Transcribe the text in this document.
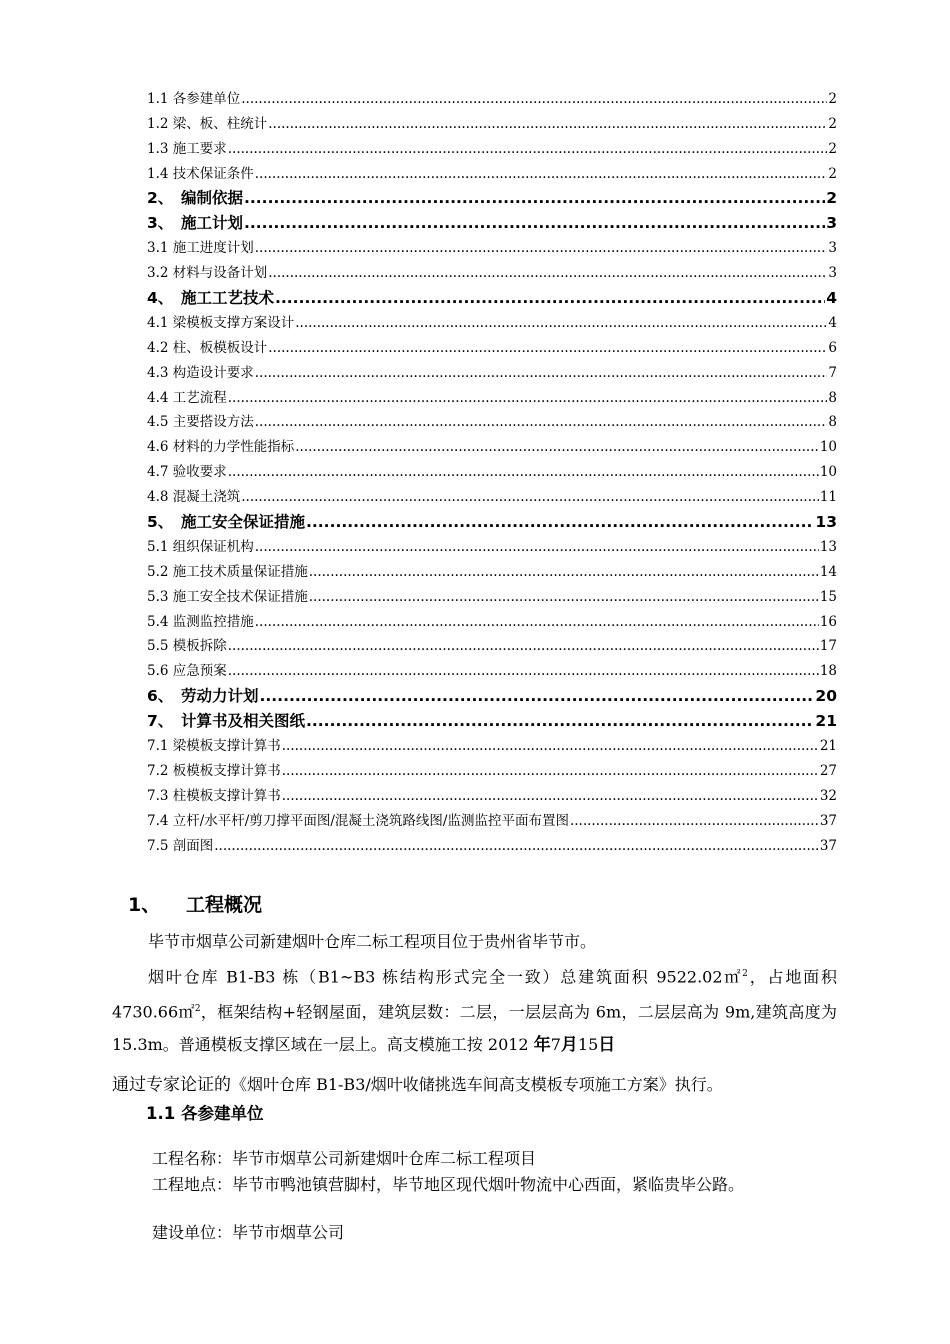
1.1 各参建单位 .....	2
1.2 梁、板、柱统计 .....	2
1.3 施工要求 .....	2
1.4 技术保证条件 .....	2
2、 编制依据 .....	2
3、 施工计划 .....	3
3.1 施工进度计划 .....	3
3.2 材料与设备计划 .....	3
4、 施工工艺技术 .....	4
4.1 梁模板支撑方案设计 .....	4
4.2 柱、板模板设计 .....	6
4.3 构造设计要求 .....	7
4.4 工艺流程 .....	8
4.5 主要搭设方法 .....	8
4.6 材料的力学性能指标 .....	10
4.7 验收要求 .....	10
4.8 混凝土浇筑 .....	11
5、 施工安全保证措施 .....	13
5.1 组织保证机构 .....	13
5.2 施工技术质量保证措施 .....	14
5.3 施工安全技术保证措施 .....	15
5.4 监测监控措施 .....	16
5.5 模板拆除 .....	17
5.6 应急预案 .....	18
6、 劳动力计划 .....	20
7、 计算书及相关图纸 .....	21
7.1 梁模板支撑计算书 .....	21
7.2 板模板支撑计算书 .....	27
7.3 柱模板支撑计算书 .....	32
7.4 立杆/水平杆/剪刀撑平面图/混凝土浇筑路线图/监测监控平面布置图 .....	37
7.5 剖面图 .....	37
1、 工程概况
毕节市烟草公司新建烟叶仓库二标工程项目位于贵州省毕节市。
烟叶仓库 B1-B3 栋（B1~B3 栋结构形式完全一致）总建筑面积 9522.02㎡$^2$，占地面积 4730.66㎡$^2$，框架结构+轻钢屋面，建筑层数：二层，一层层高为 6m，二层层高为 9m,建筑高度为 15.3m。普通模板支撑区域在一层上。高支模施工按 2012 年7月15日
通过专家论证的《烟叶仓库 B1-B3/烟叶收储挑选车间高支模板专项施工方案》执行。
1.1 各参建单位
工程名称：毕节市烟草公司新建烟叶仓库二标工程项目
工程地点：毕节市鸭池镇营脚村，毕节地区现代烟叶物流中心西面，紧临贵毕公路。
建设单位：毕节市烟草公司
